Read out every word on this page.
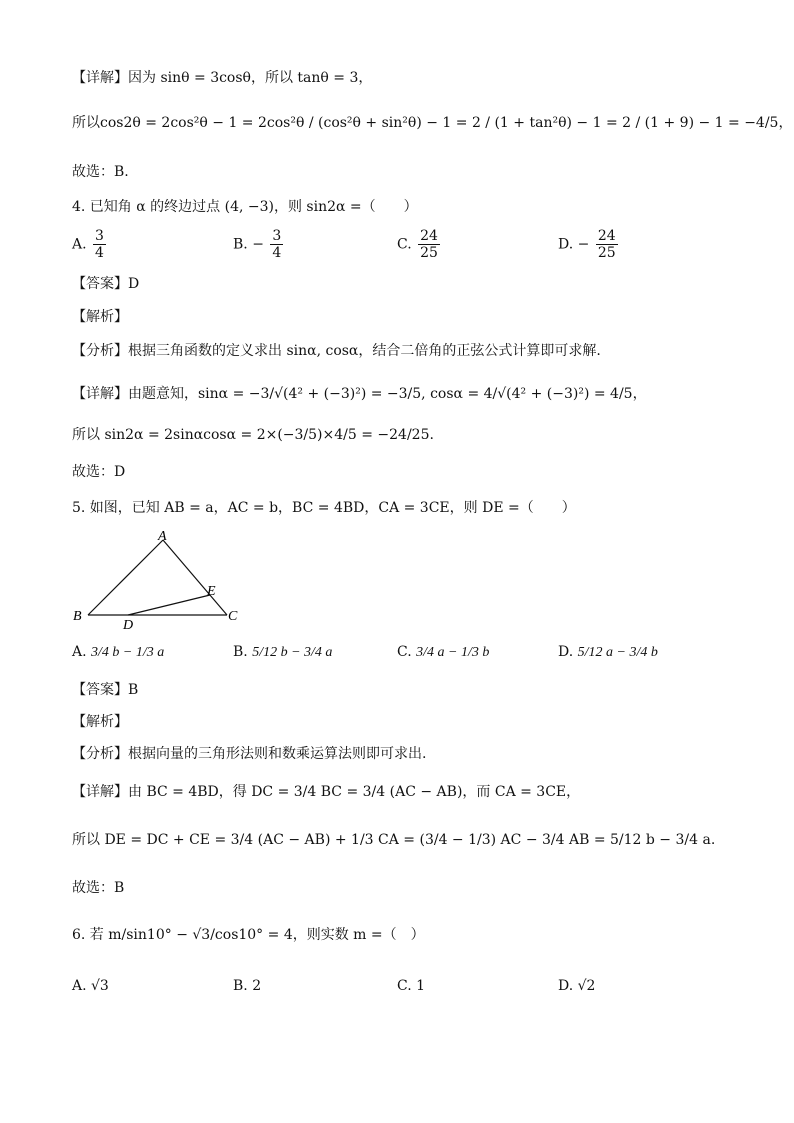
【详解】因为 sinθ = 3cosθ，所以 tanθ = 3，
所以cos2θ = 2cos²θ − 1 = 2cos²θ / (cos²θ + sin²θ) − 1 = 2 / (1 + tan²θ) − 1 = 2 / (1 + 9) − 1 = −4/5，
故选：B.
4. 已知角 α 的终边过点 (4, −3)，则 sin2α =（　　）
A. $\frac{3}{4}$	B. − $\frac{3}{4}$	C. $\frac{24}{25}$	D. − $\frac{24}{25}$
【答案】D
【解析】
【分析】根据三角函数的定义求出 sinα, cosα，结合二倍角的正弦公式计算即可求解.
【详解】由题意知，sinα = −3/√(4² + (−3)²) = −3/5, cosα = 4/√(4² + (−3)²) = 4/5，
所以 sin2α = 2sinαcosα = 2×(−3/5)×4/5 = −24/25.
故选：D
5. 如图，已知 AB = a，AC = b，BC = 4BD，CA = 3CE，则 DE =（　　）
A
B	C
D
E
A. 3/4 b − 1/3 a	B. 5/12 b − 3/4 a	C. 3/4 a − 1/3 b	D. 5/12 a − 3/4 b
【答案】B
【解析】
【分析】根据向量的三角形法则和数乘运算法则即可求出.
【详解】由 BC = 4BD，得 DC = 3/4 BC = 3/4 (AC − AB)，而 CA = 3CE，
所以 DE = DC + CE = 3/4 (AC − AB) + 1/3 CA = (3/4 − 1/3) AC − 3/4 AB = 5/12 b − 3/4 a.
故选：B
6. 若 m/sin10° − √3/cos10° = 4，则实数 m =（　）
A. √3	B. 2	C. 1	D. √2
